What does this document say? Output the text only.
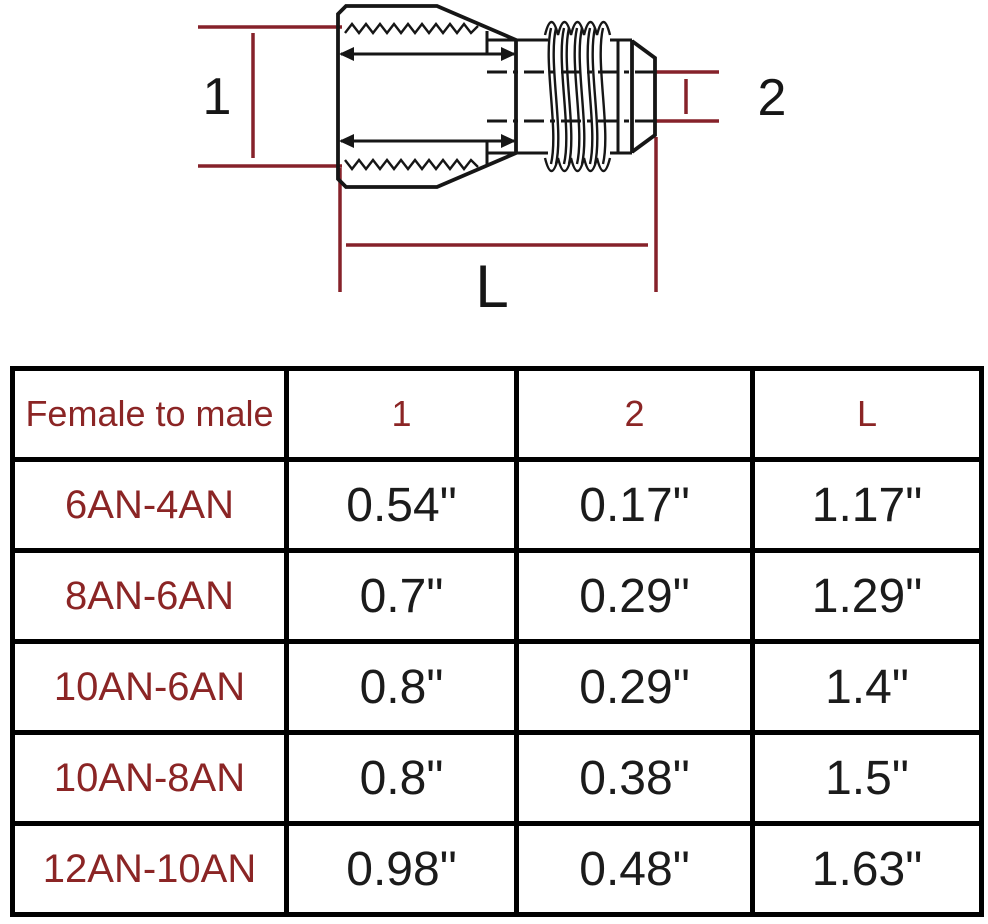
1	2
L
Female to male	1	2	L
6AN-4AN	0.54"	0.17"	1.17"
8AN-6AN	0.7"	0.29"	1.29"
10AN-6AN	0.8"	0.29"	1.4"
10AN-8AN	0.8"	0.38"	1.5"
12AN-10AN	0.98"	0.48"	1.63"
